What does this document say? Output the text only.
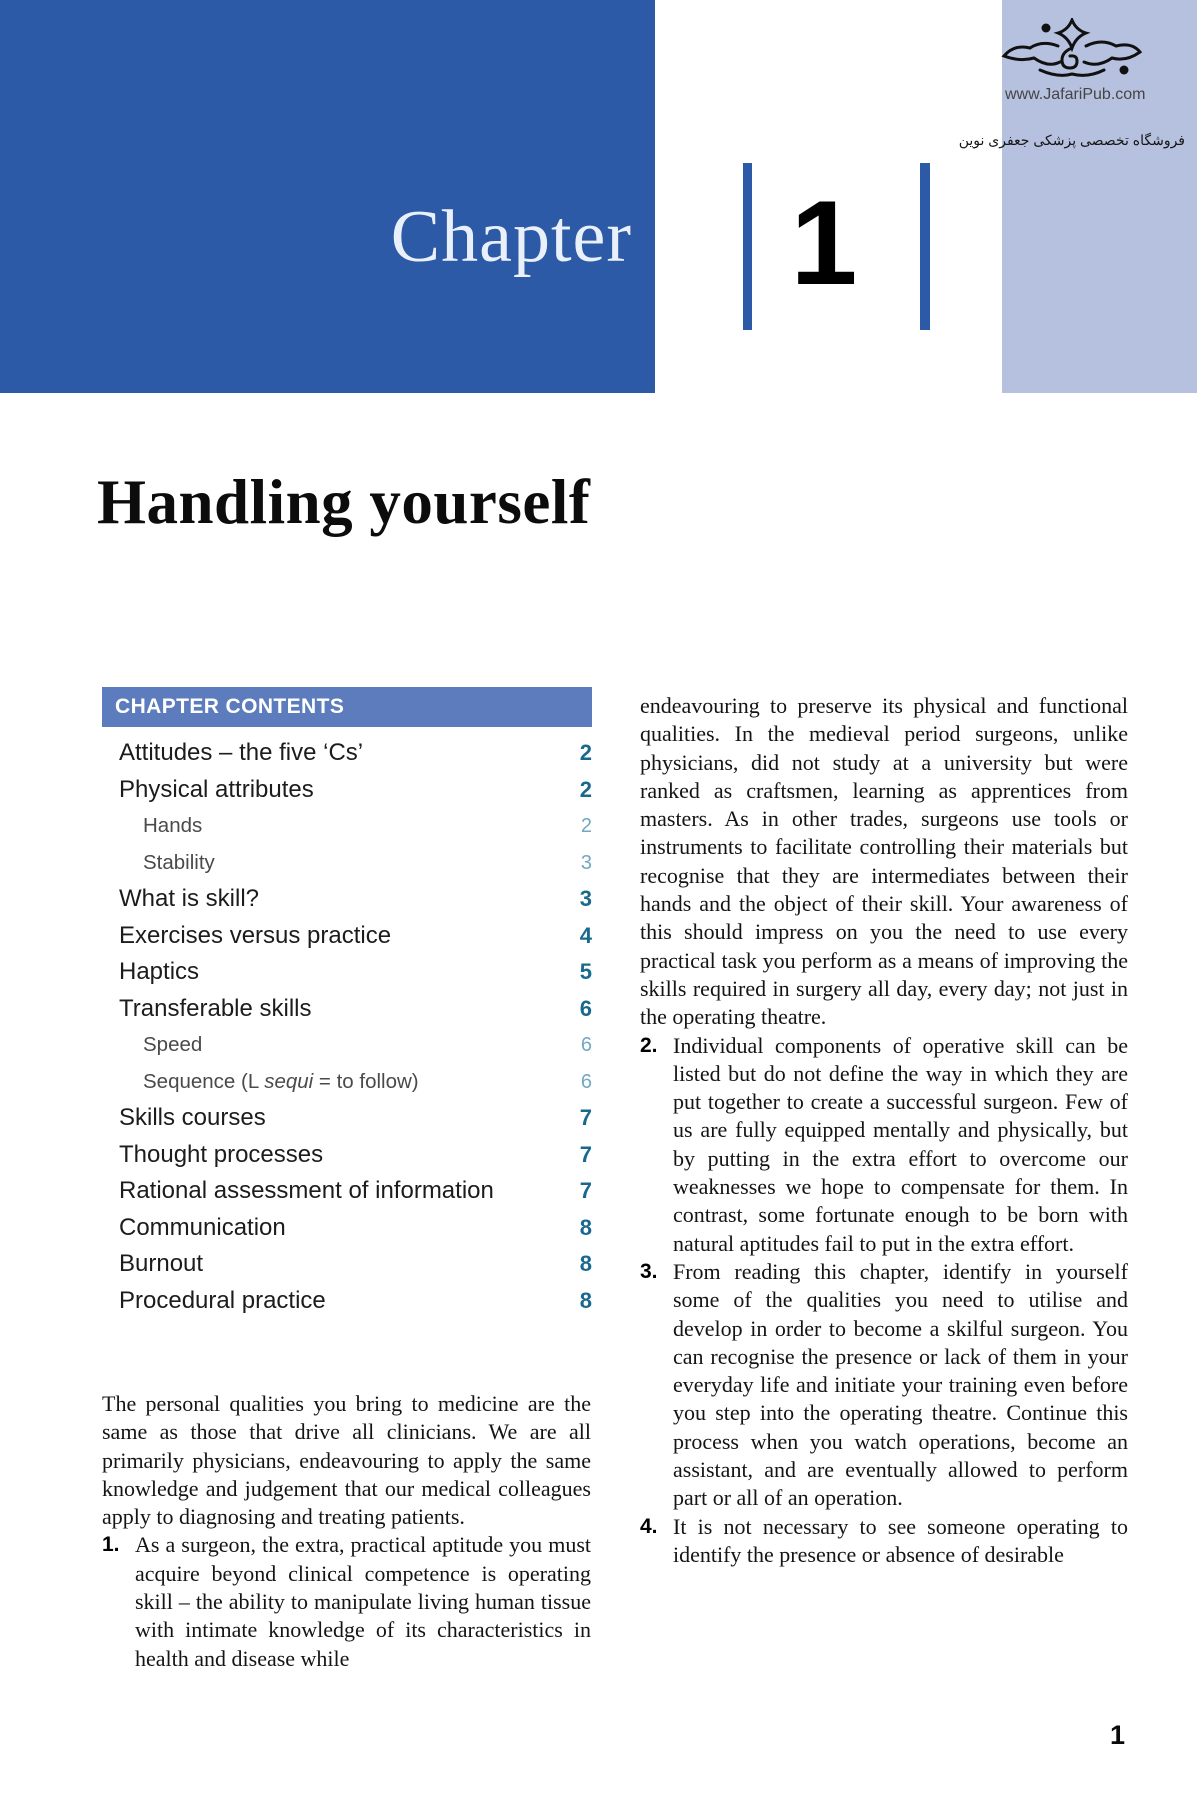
Chapter 1
www.JafariPub.com
فروشگاه تخصصی پزشکی جعفری نوین
Handling yourself
CHAPTER CONTENTS
Attitudes – the five ‘Cs’	2
Physical attributes	2
Hands	2
Stability	3
What is skill?	3
Exercises versus practice	4
Haptics	5
Transferable skills	6
Speed	6
Sequence (L sequi = to follow)	6
Skills courses	7
Thought processes	7
Rational assessment of information	7
Communication	8
Burnout	8
Procedural practice	8

The personal qualities you bring to medicine are the same as those that drive all clinicians. We are all primarily physicians, endeavouring to apply the same knowledge and judgement that our medical colleagues apply to diagnosing and treating patients.

1. As a surgeon, the extra, practical aptitude you must acquire beyond clinical competence is operating skill – the ability to manipulate living human tissue with intimate knowledge of its characteristics in health and disease while

endeavouring to preserve its physical and functional qualities. In the medieval period surgeons, unlike physicians, did not study at a university but were ranked as craftsmen, learning as apprentices from masters. As in other trades, surgeons use tools or instruments to facilitate controlling their materials but recognise that they are intermediates between their hands and the object of their skill. Your awareness of this should impress on you the need to use every practical task you perform as a means of improving the skills required in surgery all day, every day; not just in the operating theatre.

2. Individual components of operative skill can be listed but do not define the way in which they are put together to create a successful surgeon. Few of us are fully equipped mentally and physically, but by putting in the extra effort to overcome our weaknesses we hope to compensate for them. In contrast, some fortunate enough to be born with natural aptitudes fail to put in the extra effort.
3. From reading this chapter, identify in yourself some of the qualities you need to utilise and develop in order to become a skilful surgeon. You can recognise the presence or lack of them in your everyday life and initiate your training even before you step into the operating theatre. Continue this process when you watch operations, become an assistant, and are eventually allowed to perform part or all of an operation.
4. It is not necessary to see someone operating to identify the presence or absence of desirable
1
